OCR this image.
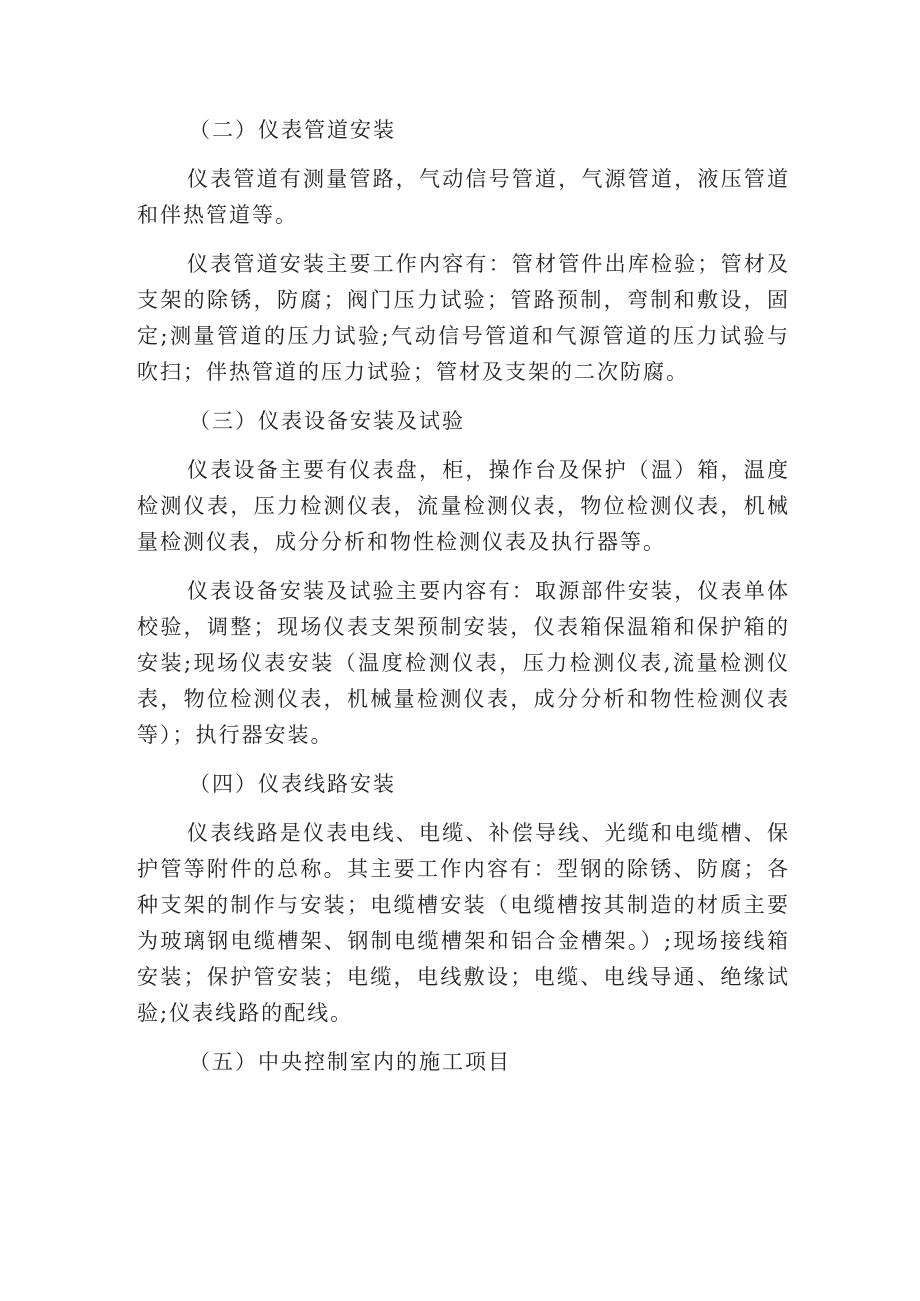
（二）仪表管道安装

仪表管道有测量管路，气动信号管道，气源管道，液压管道和伴热管道等。

仪表管道安装主要工作内容有：管材管件出库检验；管材及支架的除锈，防腐；阀门压力试验；管路预制，弯制和敷设，固定;测量管道的压力试验;气动信号管道和气源管道的压力试验与吹扫；伴热管道的压力试验；管材及支架的二次防腐。

（三）仪表设备安装及试验

仪表设备主要有仪表盘，柜，操作台及保护（温）箱，温度检测仪表，压力检测仪表，流量检测仪表，物位检测仪表，机械量检测仪表，成分分析和物性检测仪表及执行器等。

仪表设备安装及试验主要内容有：取源部件安装，仪表单体校验，调整；现场仪表支架预制安装，仪表箱保温箱和保护箱的安装;现场仪表安装（温度检测仪表，压力检测仪表,流量检测仪表，物位检测仪表，机械量检测仪表，成分分析和物性检测仪表等）；执行器安装。

（四）仪表线路安装

仪表线路是仪表电线、电缆、补偿导线、光缆和电缆槽、保护管等附件的总称。其主要工作内容有：型钢的除锈、防腐；各种支架的制作与安装；电缆槽安装（电缆槽按其制造的材质主要为玻璃钢电缆槽架、钢制电缆槽架和铝合金槽架。）;现场接线箱安装；保护管安装；电缆，电线敷设；电缆、电线导通、绝缘试验;仪表线路的配线。

（五）中央控制室内的施工项目
